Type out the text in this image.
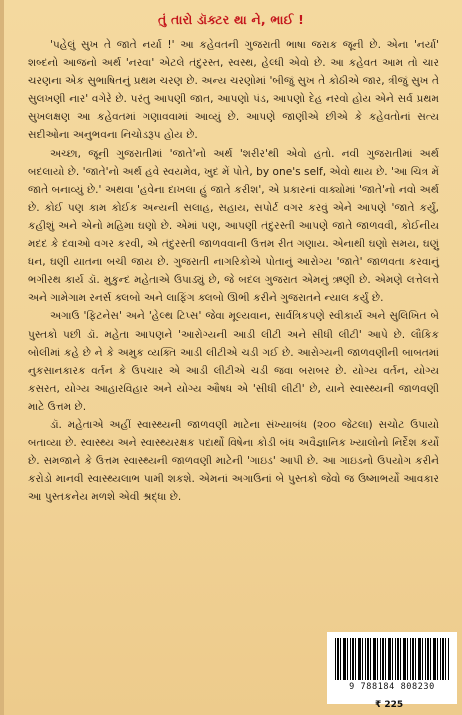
તું તારો ડૉક્ટર થા ને, ભાઈ !

'પહેલું સુખ તે જાતે નર્યા !' આ કહેવતની ગુજરાતી ભાષા જરાક જૂની છે. એના 'નર્યા' શબ્દનો આજનો અર્થ 'નરવા' એટલે તંદુરસ્ત, સ્વસ્થ, હેલ્ધી એવો છે. આ કહેવત આમ તો ચાર ચરણના એક સુભાષિતનું પ્રથમ ચરણ છે. અન્ય ચરણોમાં 'બીજું સુખ તે કોઠીએ જાર, ત્રીજું સુખ તે સુલખણી નાર' વગેરે છે. પરંતુ આપણી જાત, આપણો પંડ, આપણો દેહ નરવો હોય એને સર્વ પ્રથમ સુખલક્ષણ આ કહેવતમાં ગણાવવામાં આવ્યું છે. આપણે જાણીએ છીએ કે કહેવતોનાં સત્ય સદીઓના અનુભવના નિચોડરૂપ હોય છે.

અચ્છા, જૂની ગુજરાતીમાં 'જાતે'નો અર્થ 'શરીર'થી એવો હતો. નવી ગુજરાતીમાં અર્થ બદલાયો છે. 'જાતે'નો અર્થ હવે સ્વયમેવ, ખુદ મેં પોતે, by one's self, એવો થાય છે. 'આ ચિત્ર મેં જાતે બનાવ્યું છે.' અથવા 'હવેના દાખલા હું જાતે કરીશ', એ પ્રકારનાં વાક્યોમાં 'જાતે'નો નવો અર્થ છે. કોઈ પણ કામ કોઈક અન્યની સલાહ, સહાય, સપોર્ટ વગર કરવું એને આપણે 'જાતે કર્યું, કહીશું અને એનો મહિમા ઘણો છે. એમાં પણ, આપણી તંદુરસ્તી આપણે જાતે જાળવવી, કોઈનીય મદદ કે દવાઓ વગર કરવી, એ તંદુરસ્તી જાળવવાની ઉત્તમ રીત ગણાય. એનાથી ઘણો સમય, ઘણું ધન, ઘણી યાતના બચી જાય છે. ગુજરાતી નાગરિકોએ પોતાનું આરોગ્ય 'જાતે' જાળવતા કરવાનું ભગીરથ કાર્ય ડૉ. મુકુન્દ મહેતાએ ઉપાડ્યું છે, જે બદલ ગુજરાત એમનું ઋણી છે. એમણે લત્તેલત્તે અને ગામેગામ રનર્સ ક્લબો અને લાફિંગ ક્લબો ઊભી કરીને ગુજરાતને ન્યાલ કર્યું છે.

અગાઉ 'ફિટનેસ' અને 'હેલ્થ ટિપ્સ' જેવા મૂલ્યવાન, સાર્વત્રિકપણે સ્વીકાર્ય અને સુલિખિત બે પુસ્તકો પછી ડૉ. મહેતા આપણને 'આરોગ્યની આડી લીટી અને સીધી લીટી' આપે છે. લૌકિક બોલીમાં કહે છે ને કે અમુક વ્યક્તિ આડી લીટીએ ચડી ગઈ છે. આરોગ્યની જાળવણીની બાબતમાં નુકસાનકારક વર્તન કે ઉપચાર એ આડી લીટીએ ચડી જવા બરાબર છે. યોગ્ય વર્તન, યોગ્ય કસરત, યોગ્ય આહારવિહાર અને યોગ્ય ઔષધ એ 'સીધી લીટી' છે, યાને સ્વાસ્થ્યની જાળવણી માટે ઉત્તમ છે.

ડૉ. મહેતાએ અહીં સ્વાસ્થ્યની જાળવણી માટેના સંખ્યાબંધ (૨૦૦ જેટલા) સચોટ ઉપાયો બતાવ્યા છે. સ્વાસ્થ્ય અને સ્વાસ્થ્યરક્ષક પદાર્થો વિષેના કોડી બંધ અવૈજ્ઞાનિક ખ્યાલોનો નિર્દેશ કર્યો છે. સમજાને કે ઉત્તમ સ્વાસ્થ્યની જાળવણી માટેની 'ગાઇડ' આપી છે. આ ગાઇડનો ઉપયોગ કરીને કરોડો માનવી સ્વાસ્થ્યલાભ પામી શકશે. એમનાં અગાઉનાં બે પુસ્તકો જેવો જ ઉષ્માભર્યો આવકાર આ પુસ્તકનેય મળશે એવી શ્રદ્ધા છે.

9 788184 808230
₹ 225
